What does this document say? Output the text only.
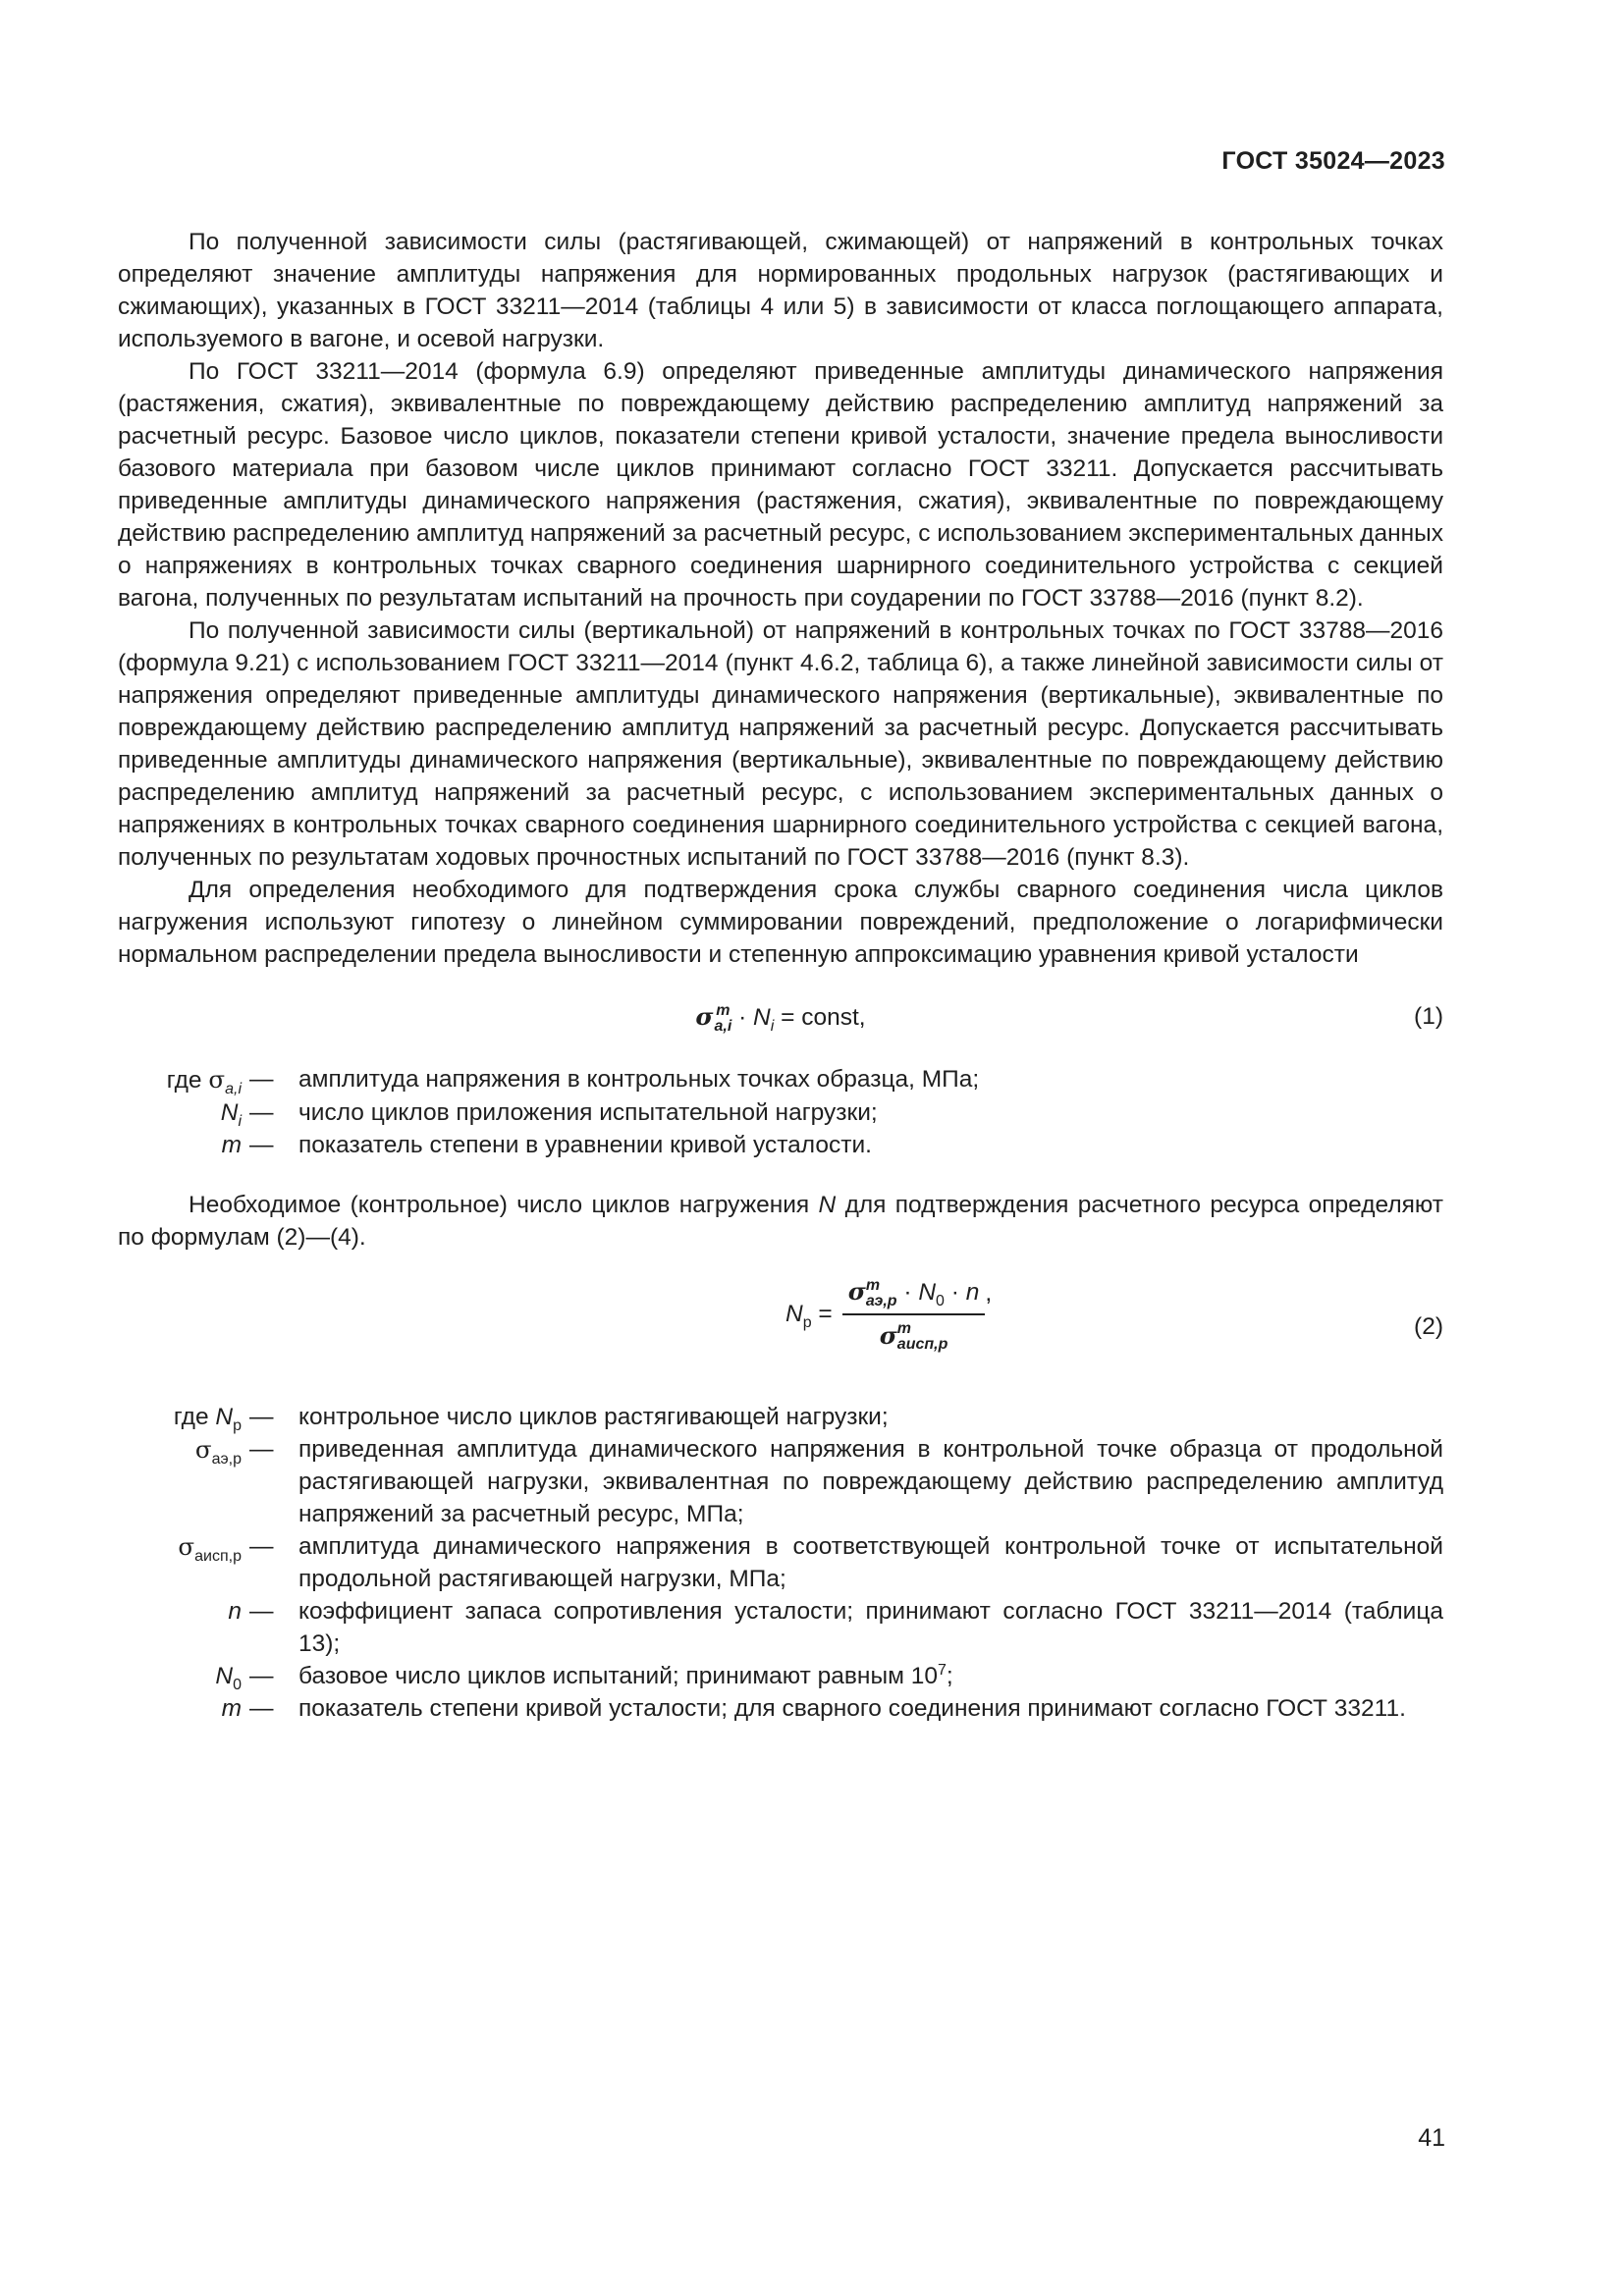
ГОСТ 35024—2023

По полученной зависимости силы (растягивающей, сжимающей) от напряжений в контрольных точках определяют значение амплитуды напряжения для нормированных продольных нагрузок (растягивающих и сжимающих), указанных в ГОСТ 33211—2014 (таблицы 4 или 5) в зависимости от класса поглощающего аппарата, используемого в вагоне, и осевой нагрузки.

По ГОСТ 33211—2014 (формула 6.9) определяют приведенные амплитуды динамического напряжения (растяжения, сжатия), эквивалентные по повреждающему действию распределению амплитуд напряжений за расчетный ресурс. Базовое число циклов, показатели степени кривой усталости, значение предела выносливости базового материала при базовом числе циклов принимают согласно ГОСТ 33211. Допускается рассчитывать приведенные амплитуды динамического напряжения (растяжения, сжатия), эквивалентные по повреждающему действию распределению амплитуд напряжений за расчетный ресурс, с использованием экспериментальных данных о напряжениях в контрольных точках сварного соединения шарнирного соединительного устройства с секцией вагона, полученных по результатам испытаний на прочность при соударении по ГОСТ 33788—2016 (пункт 8.2).

По полученной зависимости силы (вертикальной) от напряжений в контрольных точках по ГОСТ 33788—2016 (формула 9.21) с использованием ГОСТ 33211—2014 (пункт 4.6.2, таблица 6), а также линейной зависимости силы от напряжения определяют приведенные амплитуды динамического напряжения (вертикальные), эквивалентные по повреждающему действию распределению амплитуд напряжений за расчетный ресурс. Допускается рассчитывать приведенные амплитуды динамического напряжения (вертикальные), эквивалентные по повреждающему действию распределению амплитуд напряжений за расчетный ресурс, с использованием экспериментальных данных о напряжениях в контрольных точках сварного соединения шарнирного соединительного устройства с секцией вагона, полученных по результатам ходовых прочностных испытаний по ГОСТ 33788—2016 (пункт 8.3).

Для определения необходимого для подтверждения срока службы сварного соединения числа циклов нагружения используют гипотезу о линейном суммировании повреждений, предположение о логарифмически нормальном распределении предела выносливости и степенную аппроксимацию уравнения кривой усталости

σ m
$a,i \cdot N_i$ = const,	(1)
где $\sigma_{a,i}$ —	амплитуда напряжения в контрольных точках образца, МПа;
$N_i$ —	число циклов приложения испытательной нагрузки;
m —	показатель степени в уравнении кривой усталости.

Необходимое (контрольное) число циклов нагружения N для подтверждения расчетного ресурса определяют по формулам (2)—(4).

$N_р = \sigma$ m
$аэ,р \cdot N_0 \cdot n$
σ m
аисп,р ,
(2)
где $N_р$ —	контрольное число циклов растягивающей нагрузки;
$\sigma_{аэ,р}$ —	приведенная амплитуда динамического напряжения в контрольной точке образца от продольной растягивающей нагрузки, эквивалентная по повреждающему действию распределению амплитуд напряжений за расчетный ресурс, МПа;
$\sigma_{аисп,р}$ —	амплитуда динамического напряжения в соответствующей контрольной точке от испытательной продольной растягивающей нагрузки, МПа;
n —	коэффициент запаса сопротивления усталости; принимают согласно ГОСТ 33211—2014 (таблица 13);
$N_0$ —	базовое число циклов испытаний; принимают равным $10^7$;
m —	показатель степени кривой усталости; для сварного соединения принимают согласно ГОСТ 33211.
41
